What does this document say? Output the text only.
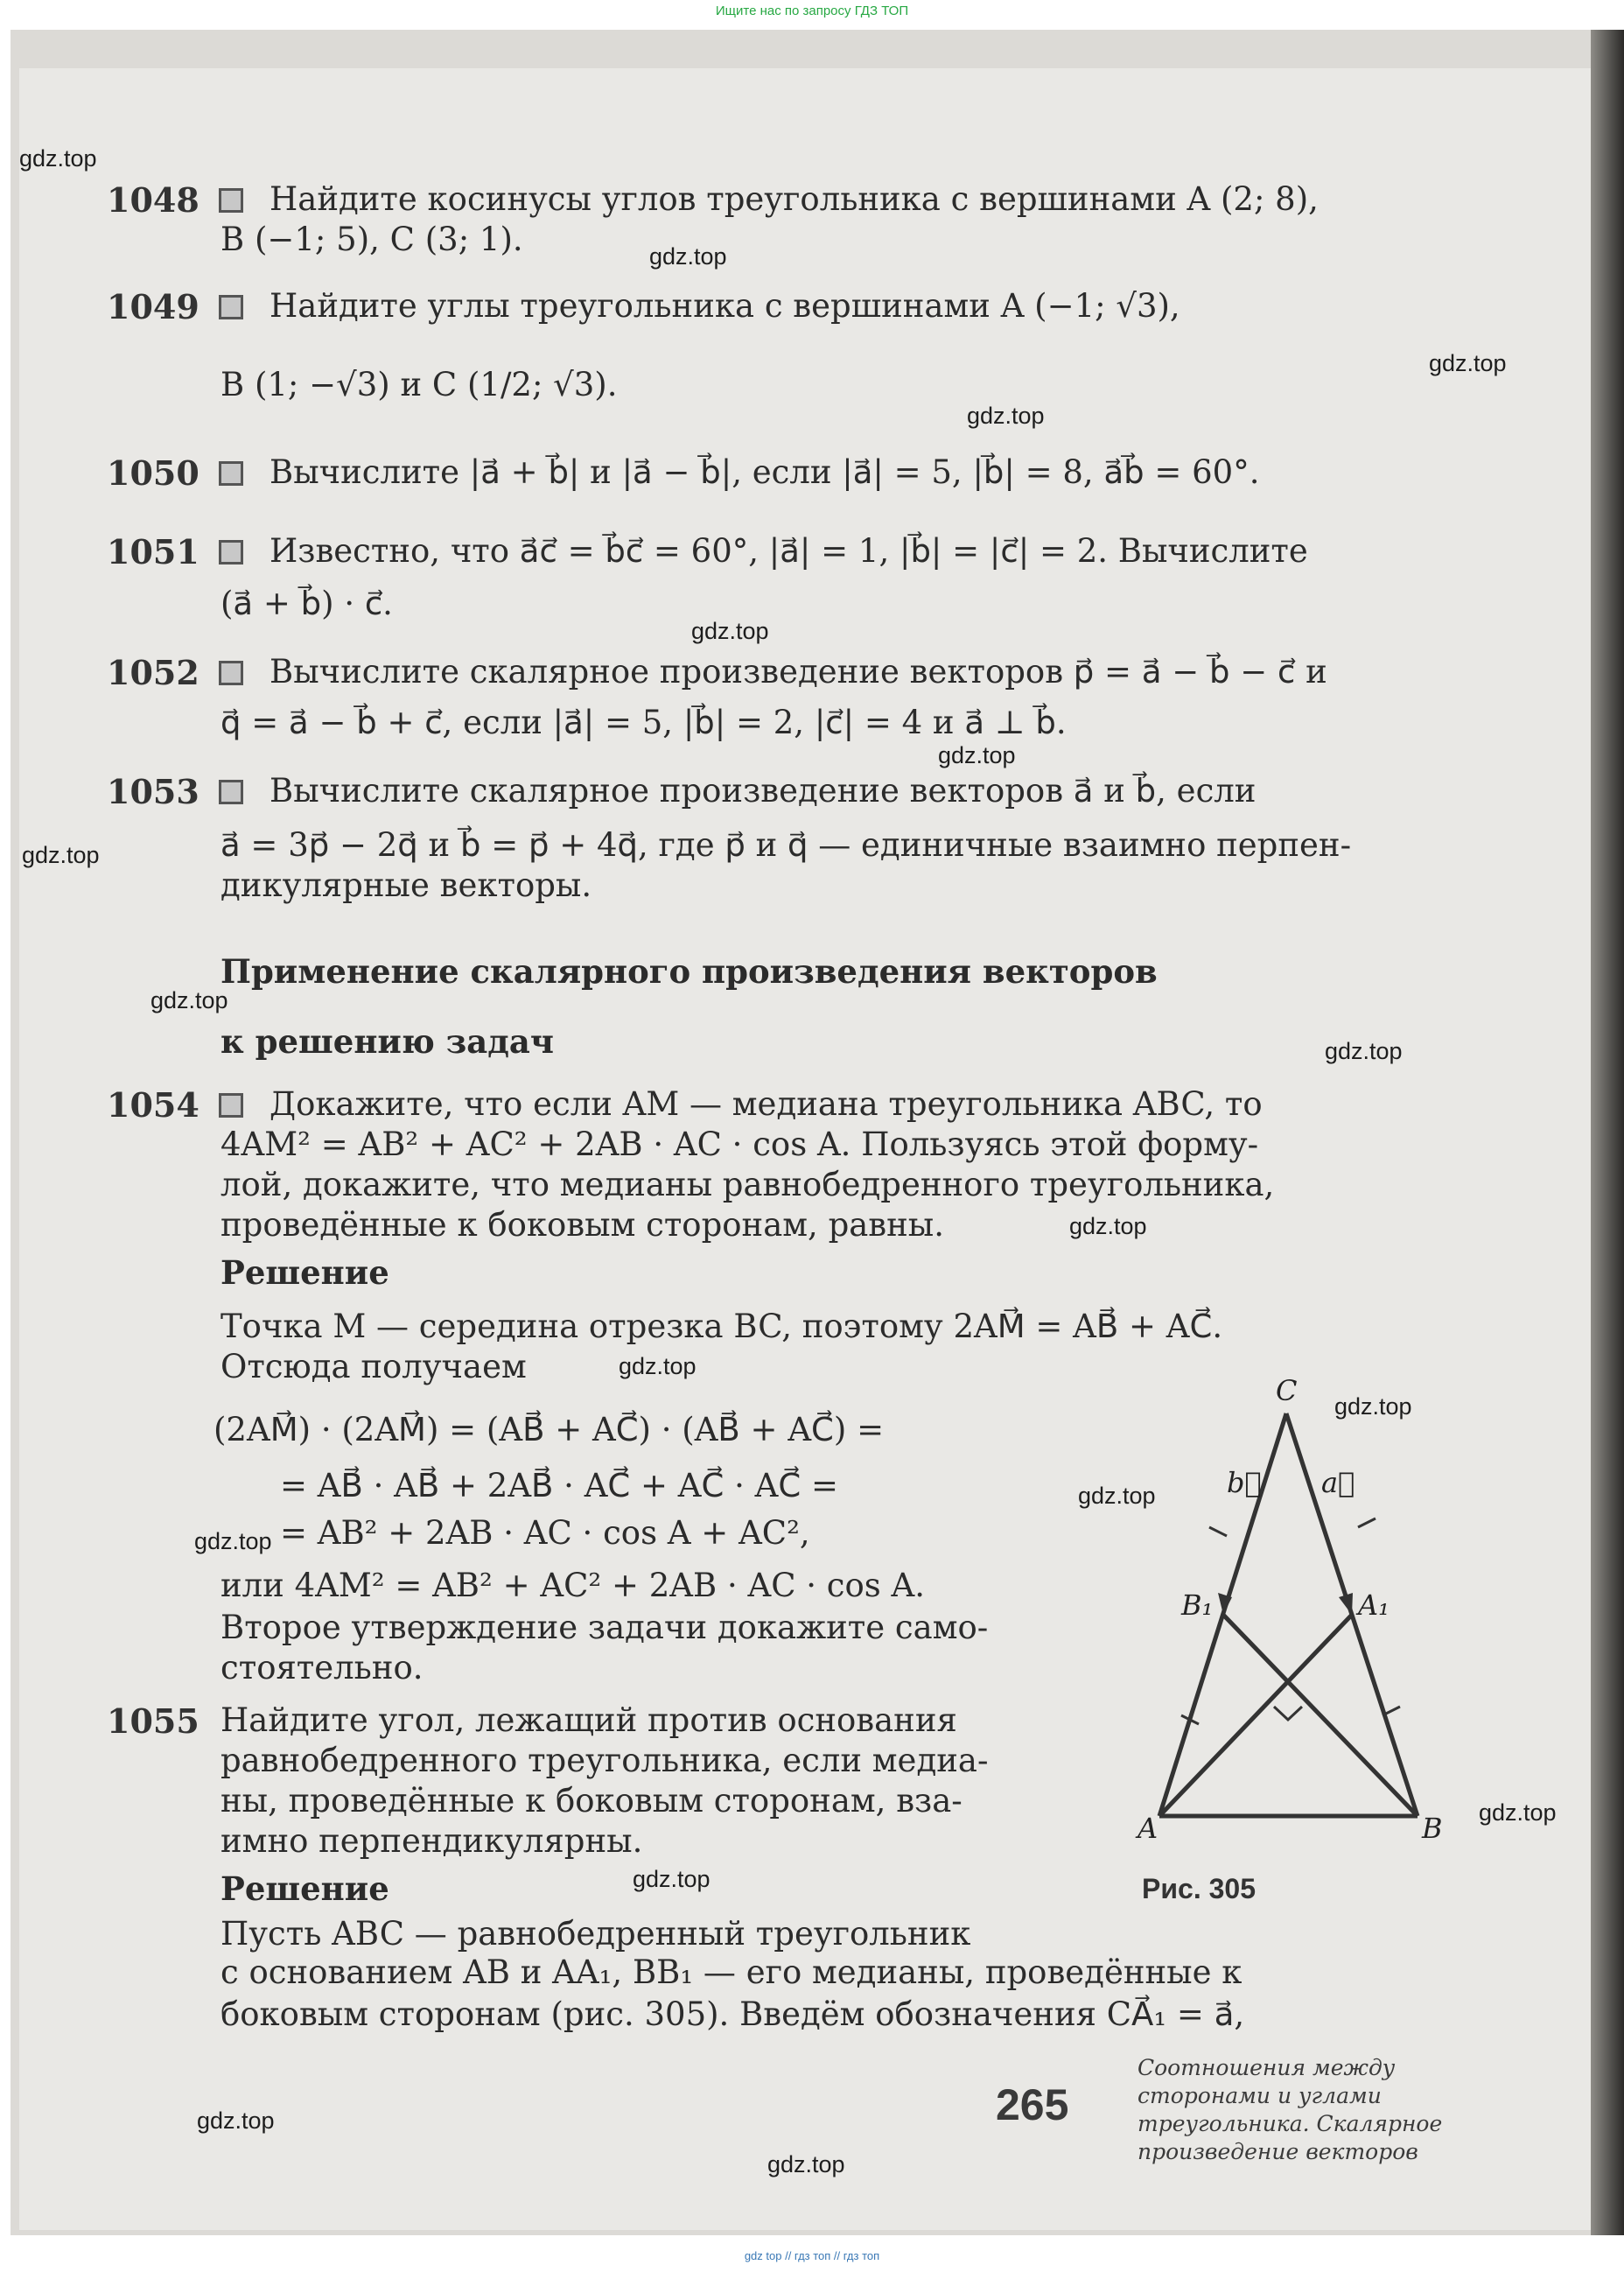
Ищите нас по запросу ГДЗ ТОП
gdz.top
gdz.top
gdz.top
gdz.top
gdz.top
gdz.top
gdz.top
gdz.top
gdz.top
gdz.top
gdz.top
gdz.top
gdz.top
gdz.top
gdz.top
gdz.top
gdz.top
gdz.top
1048 Найдите косинусы углов треугольника с вершинами A (2; 8),
B (−1; 5), C (3; 1).
1049 Найдите углы треугольника с вершинами A (−1; √3),
B (1; −√3) и C (1/2; √3).
1050 Вычислите |a⃗ + b⃗| и |a⃗ − b⃗|, если |a⃗| = 5, |b⃗| = 8, a⃗b⃗ = 60°.
1051 Известно, что a⃗c⃗ = b⃗c⃗ = 60°, |a⃗| = 1, |b⃗| = |c⃗| = 2. Вычислите
(a⃗ + b⃗) · c⃗.
1052 Вычислите скалярное произведение векторов p⃗ = a⃗ − b⃗ − c⃗ и
q⃗ = a⃗ − b⃗ + c⃗, если |a⃗| = 5, |b⃗| = 2, |c⃗| = 4 и a⃗ ⊥ b⃗.
1053 Вычислите скалярное произведение векторов a⃗ и b⃗, если
a⃗ = 3p⃗ − 2q⃗ и b⃗ = p⃗ + 4q⃗, где p⃗ и q⃗ — единичные взаимно перпен-
дикулярные векторы.
Применение скалярного произведения векторов
к решению задач
1054 Докажите, что если AM — медиана треугольника ABC, то
4AM² = AB² + AC² + 2AB · AC · cos A. Пользуясь этой форму-
лой, докажите, что медианы равнобедренного треугольника,
проведённые к боковым сторонам, равны.
Решение
Точка M — середина отрезка BC, поэтому 2AM⃗ = AB⃗ + AC⃗.
Отсюда получаем
(2AM⃗) · (2AM⃗) = (AB⃗ + AC⃗) · (AB⃗ + AC⃗) =
= AB⃗ · AB⃗ + 2AB⃗ · AC⃗ + AC⃗ · AC⃗ =
= AB² + 2AB · AC · cos A + AC²,
или 4AM² = AB² + AC² + 2AB · AC · cos A.
Второе утверждение задачи докажите само-
стоятельно.
1055 Найдите угол, лежащий против основания
равнобедренного треугольника, если медиа-
ны, проведённые к боковым сторонам, вза-
имно перпендикулярны.
Решение
Пусть ABC — равнобедренный треугольник
с основанием AB и AA₁, BB₁ — его медианы, проведённые к
боковым сторонам (рис. 305). Введём обозначения CA⃗₁ = a⃗,
C
A	B
A₁
B₁
a⃗
b⃗
Рис. 305
265
Соотношения между
сторонами и углами
треугольника. Скалярное
произведение векторов
gdz top // гдз топ // гдз топ
